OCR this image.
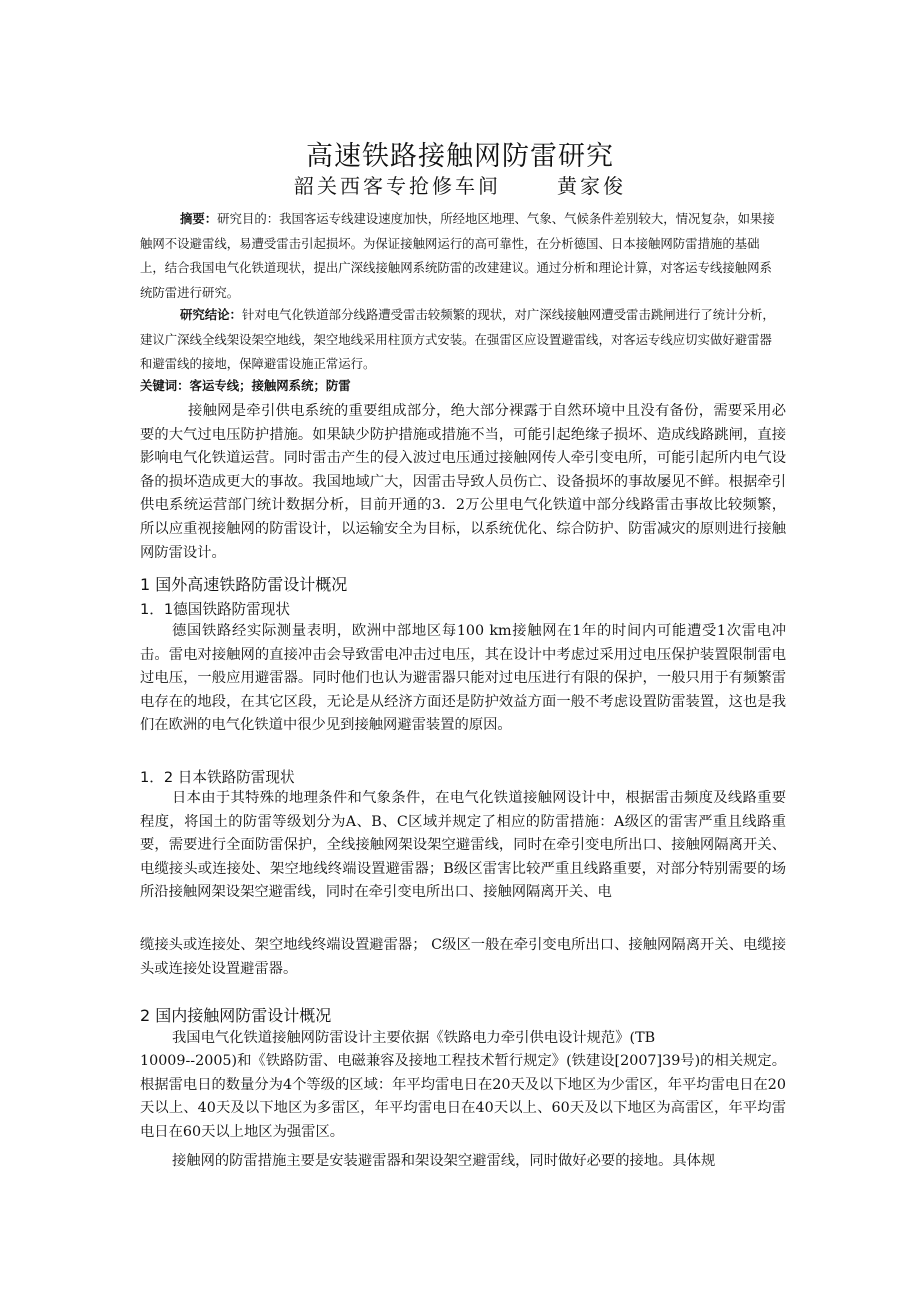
高速铁路接触网防雷研究
韶关西客专抢修车间	黄家俊

摘要：研究目的：我国客运专线建设速度加快，所经地区地理、气象、气候条件差别较大，情况复杂，如果接触网不设避雷线，易遭受雷击引起损坏。为保证接触网运行的高可靠性，在分析德国、日本接触网防雷措施的基础上，结合我国电气化铁道现状，提出广深线接触网系统防雷的改建建议。通过分析和理论计算，对客运专线接触网系统防雷进行研究。

研究结论：针对电气化铁道部分线路遭受雷击较频繁的现状，对广深线接触网遭受雷击跳闸进行了统计分析，建议广深线全线架设架空地线，架空地线采用柱顶方式安装。在强雷区应设置避雷线，对客运专线应切实做好避雷器和避雷线的接地，保障避雷设施正常运行。

关键词：客运专线；接触网系统；防雷

接触网是牵引供电系统的重要组成部分，绝大部分裸露于自然环境中且没有备份，需要采用必要的大气过电压防护措施。如果缺少防护措施或措施不当，可能引起绝缘子损坏、造成线路跳闸，直接影响电气化铁道运营。同时雷击产生的侵入波过电压通过接触网传人牵引变电所，可能引起所内电气设备的损坏造成更大的事故。我国地域广大，因雷击导致人员伤亡、设备损坏的事故屡见不鲜。根据牵引供电系统运营部门统计数据分析，目前开通的3．2万公里电气化铁道中部分线路雷击事故比较频繁，所以应重视接触网的防雷设计，以运输安全为目标，以系统优化、综合防护、防雷减灾的原则进行接触网防雷设计。

1 国外高速铁路防雷设计概况
1．1德国铁路防雷现状

德国铁路经实际测量表明，欧洲中部地区每100 km接触网在1年的时间内可能遭受1次雷电冲击。雷电对接触网的直接冲击会导致雷电冲击过电压，其在设计中考虑过采用过电压保护装置限制雷电过电压，一般应用避雷器。同时他们也认为避雷器只能对过电压进行有限的保护，一般只用于有频繁雷电存在的地段，在其它区段，无论是从经济方面还是防护效益方面一般不考虑设置防雷装置，这也是我们在欧洲的电气化铁道中很少见到接触网避雷装置的原因。

1．2 日本铁路防雷现状

日本由于其特殊的地理条件和气象条件，在电气化铁道接触网设计中，根据雷击频度及线路重要程度，将国土的防雷等级划分为A、B、C区域并规定了相应的防雷措施：A级区的雷害严重且线路重要，需要进行全面防雷保护，全线接触网架设架空避雷线，同时在牵引变电所出口、接触网隔离开关、电缆接头或连接处、架空地线终端设置避雷器；B级区雷害比较严重且线路重要，对部分特别需要的场所沿接触网架设架空避雷线，同时在牵引变电所出口、接触网隔离开关、电

缆接头或连接处、架空地线终端设置避雷器； C级区一般在牵引变电所出口、接触网隔离开关、电缆接头或连接处设置避雷器。

2 国内接触网防雷设计概况

我国电气化铁道接触网防雷设计主要依据《铁路电力牵引供电设计规范》(TB

10009--2005)和《铁路防雷、电磁兼容及接地工程技术暂行规定》(铁建设[2007]39号)的相关规定。根据雷电日的数量分为4个等级的区域：年平均雷电日在20天及以下地区为少雷区，年平均雷电日在20天以上、40天及以下地区为多雷区，年平均雷电日在40天以上、60天及以下地区为高雷区，年平均雷电日在60天以上地区为强雷区。

接触网的防雷措施主要是安装避雷器和架设架空避雷线，同时做好必要的接地。具体规
